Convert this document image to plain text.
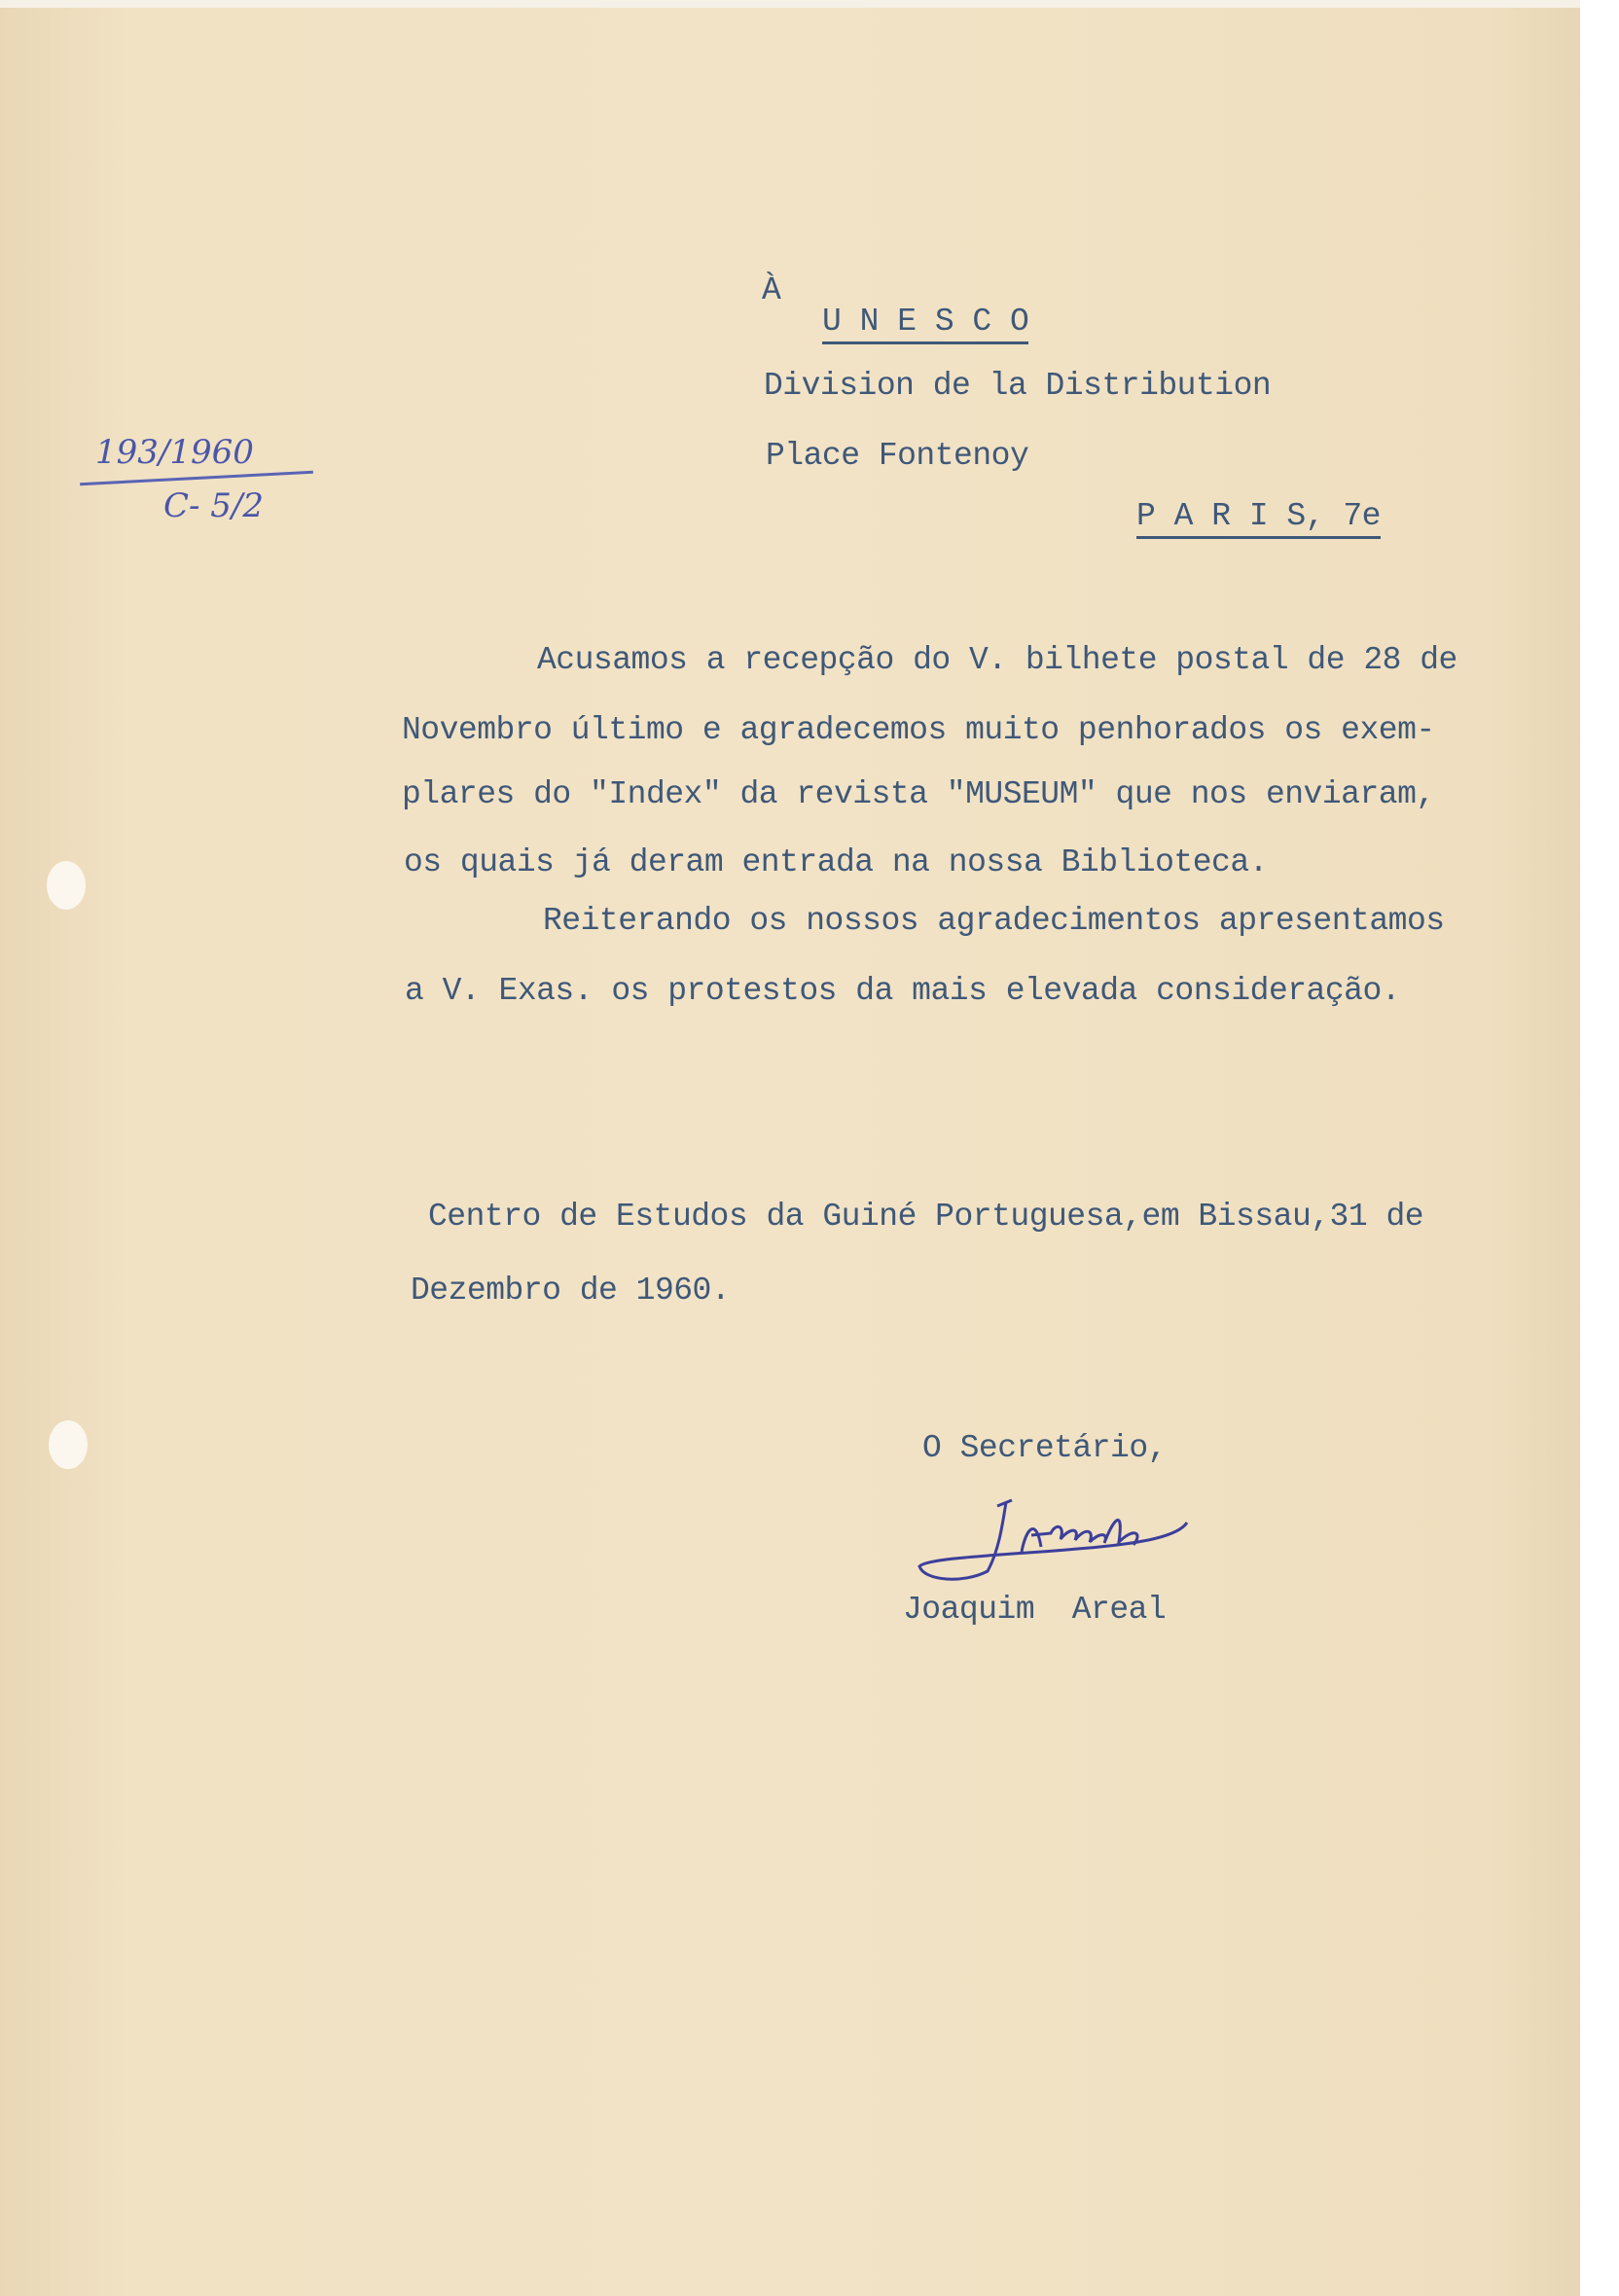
À
U N E S C O
Division de la Distribution
Place Fontenoy
P A R I S, 7e
193/1960
C- 5/2
Acusamos a recepção do V. bilhete postal de 28 de
Novembro último e agradecemos muito penhorados os exem-
plares do "Index" da revista "MUSEUM" que nos enviaram,
os quais já deram entrada na nossa Biblioteca.
Reiterando os nossos agradecimentos apresentamos
a V. Exas. os protestos da mais elevada consideração.
Centro de Estudos da Guiné Portuguesa,em Bissau,31 de
Dezembro de 1960.
O Secretário,
Joaquim  Areal
